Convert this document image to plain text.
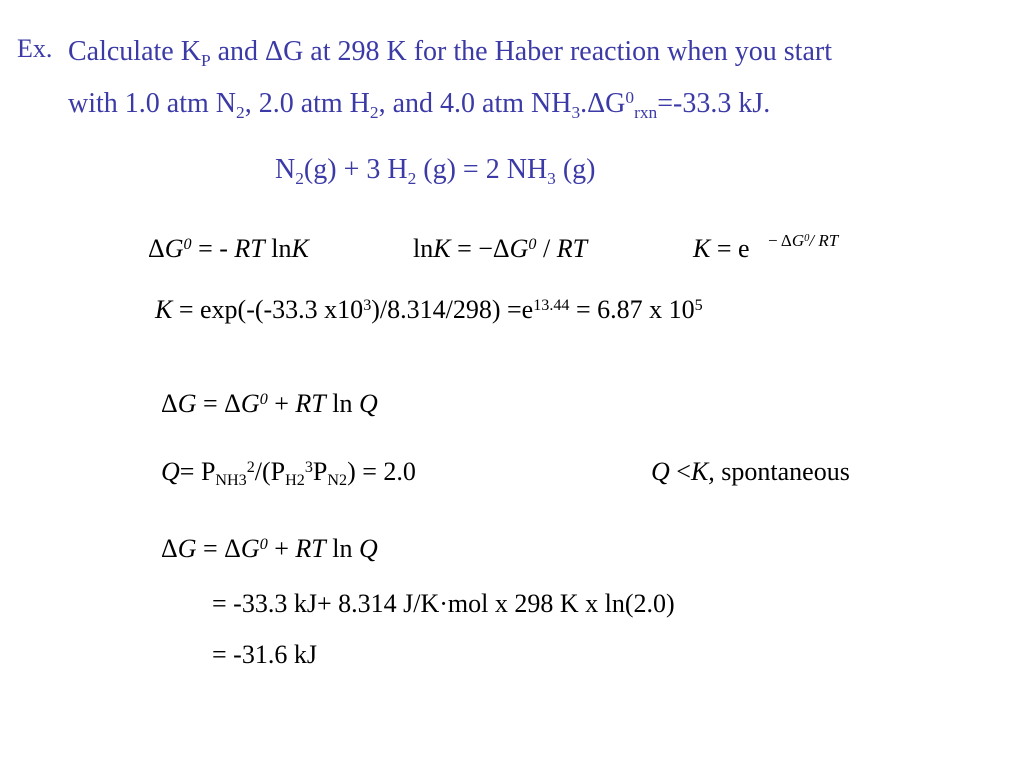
Ex. Calculate $K_P$ and ΔG at 298 K for the Haber reaction when you start
with 1.0 atm $N_2$, 2.0 atm $H_2$, and 4.0 atm $NH_3.\Delta G^0_{rxn}=-33.3$ kJ.
$N_2(g) + 3$ $H_2$ (g) = 2 $NH_3$ (g)
$\Delta G^0$ = - RT lnK	$\ln K = -\Delta G^0$ / RT	$K = e - \Delta G^0/$ RT
K = exp(-(-33.3 $x10^3)/8.314/298) =e^{13.44} = 6.87$ x $10^5$
$\Delta G = \Delta G^0$ + RT ln Q
$Q= P_{NH3}^2/(P_{H2}^3P_{N2}) = 2.0$	Q <K, spontaneous
$\Delta G = \Delta G^0$ + RT ln Q
= -33.3 kJ+ 8.314 J/K·mol x 298 K x ln(2.0)
= -31.6 kJ
